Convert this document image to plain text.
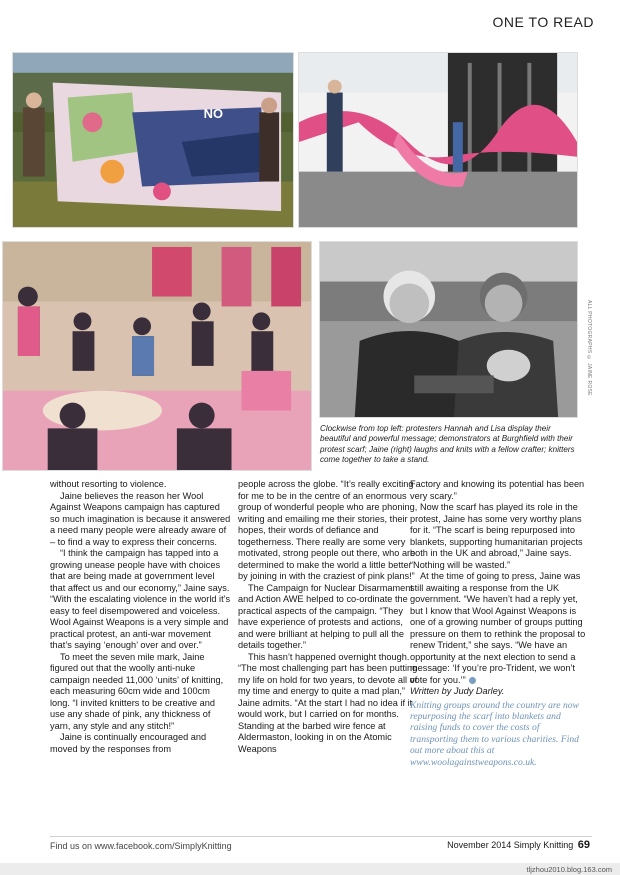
ONE TO READ
NO
ALL PHOTOGRAPHS © JAINE ROSE
Clockwise from top left: protesters Hannah and Lisa display their beautiful and powerful message; demonstrators at Burghfield with their protest scarf; Jaine (right) laughs and knits with a fellow crafter; knitters come together to take a stand.

without resorting to violence.

Jaine believes the reason her Wool Against Weapons campaign has captured so much imagination is because it answered a need many people were already aware of – to find a way to express their concerns.

“I think the campaign has tapped into a growing unease people have with choices that are being made at government level that affect us and our economy,” Jaine says. “With the escalating violence in the world it’s easy to feel disempowered and voiceless. Wool Against Weapons is a very simple and practical protest, an anti-war movement that’s saying ‘enough’ over and over.”

To meet the seven mile mark, Jaine figured out that the woolly anti-nuke campaign needed 11,000 ‘units’ of knitting, each measuring 60cm wide and 100cm long. “I invited knitters to be creative and use any shade of pink, any thickness of yarn, any style and any stitch!”

Jaine is continually encouraged and moved by the responses from

people across the globe. “It’s really exciting for me to be in the centre of an enormous group of wonderful people who are phoning, writing and emailing me their stories, their hopes, their words of defiance and togetherness. There really are some very motivated, strong people out there, who are determined to make the world a little better by joining in with the craziest of pink plans!”

The Campaign for Nuclear Disarmament and Action AWE helped to co-ordinate the practical aspects of the campaign. “They have experience of protests and actions, and were brilliant at helping to pull all the details together.”

This hasn’t happened overnight though. “The most challenging part has been putting my life on hold for two years, to devote all of my time and energy to quite a mad plan,” Jaine admits. “At the start I had no idea if it would work, but I carried on for months. Standing at the barbed wire fence at Aldermaston, looking in on the Atomic Weapons

Factory and knowing its potential has been very scary.”

Now the scarf has played its role in the protest, Jaine has some very worthy plans for it. “The scarf is being repurposed into blankets, supporting humanitarian projects both in the UK and abroad,” Jaine says. “Nothing will be wasted.”

At the time of going to press, Jaine was still awaiting a response from the UK government. “We haven’t had a reply yet, but I know that Wool Against Weapons is one of a growing number of groups putting pressure on them to rethink the proposal to renew Trident,” she says. “We have an opportunity at the next election to send a message: ‘If you’re pro-Trident, we won’t vote for you.’”

Written by Judy Darley.

Knitting groups around the country are now repurposing the scarf into blankets and raising funds to cover the costs of transporting them to various charities. Find out more about this at www.woolagainstweapons.co.uk.

Find us on www.facebook.com/SimplyKnitting	November 2014 Simply Knitting 69
tljzhou2010.blog.163.com
